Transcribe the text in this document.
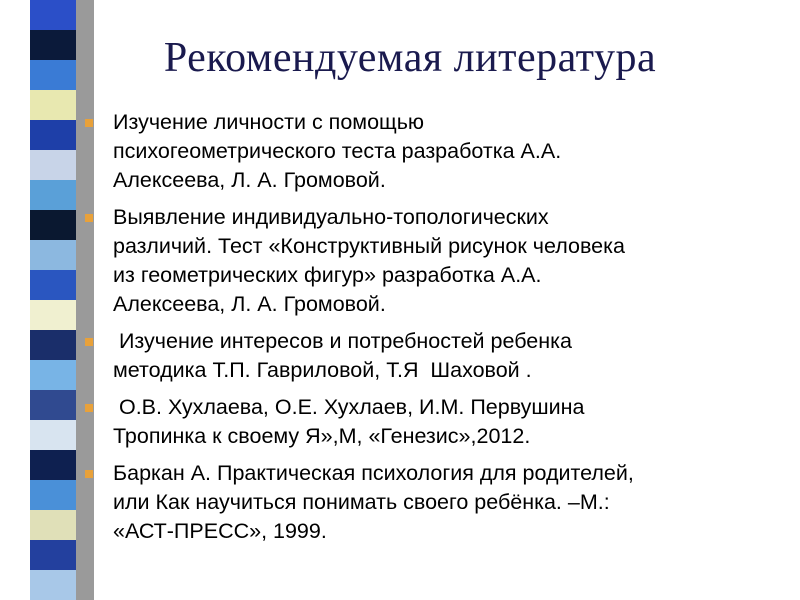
Рекомендуемая литература
Изучение личности с помощью
психогеометрического теста разработка А.А.
Алексеева, Л. А. Громовой.
Выявление индивидуально-топологических
различий. Тест «Конструктивный рисунок человека
из геометрических фигур» разработка А.А.
Алексеева, Л. А. Громовой.
Изучение интересов и потребностей ребенка
методика Т.П. Гавриловой, Т.Я  Шаховой .
О.В. Хухлаева, О.Е. Хухлаев, И.М. Первушина
Тропинка к своему Я»,М, «Генезис»,2012.
Баркан А. Практическая психология для родителей,
или Как научиться понимать своего ребёнка. –М.:
«АСТ-ПРЕСС», 1999.
